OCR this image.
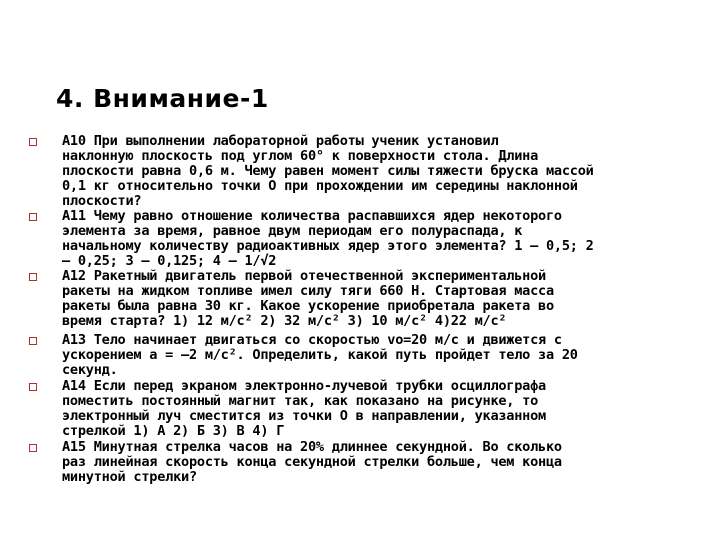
4. Внимание-1
А10 При выполнении лабораторной работы ученик установил
наклонную плоскость под углом 60° к поверхности стола. Длина
плоскости равна 0,6 м. Чему равен момент силы тяжести бруска массой
0,1 кг относительно точки О при прохождении им середины наклонной
плоскости?
А11 Чему равно отношение количества распавшихся ядер некоторого
элемента за время, равное двум периодам его полураспада, к
начальному количеству радиоактивных ядер этого элемента? 1 – 0,5; 2
– 0,25; 3 – 0,125; 4 – 1/√2
А12 Ракетный двигатель первой отечественной экспериментальной
ракеты на жидком топливе имел силу тяги 660 Н. Стартовая масса
ракеты была равна 30 кг. Какое ускорение приобретала ракета во
время старта? 1) 12 м/с² 2) 32 м/с² 3) 10 м/с² 4)22 м/с²
А13 Тело начинает двигаться со скоростью vo=20 м/с и движется с
ускорением a = –2 м/с². Определить, какой путь пройдет тело за 20
секунд.
А14 Если перед экраном электронно-лучевой трубки осциллографа
поместить постоянный магнит так, как показано на рисунке, то
электронный луч сместится из точки О в направлении, указанном
стрелкой 1) А 2) Б 3) В 4) Г
А15 Минутная стрелка часов на 20% длиннее секундной. Во сколько
раз линейная скорость конца секундной стрелки больше, чем конца
минутной стрелки?
